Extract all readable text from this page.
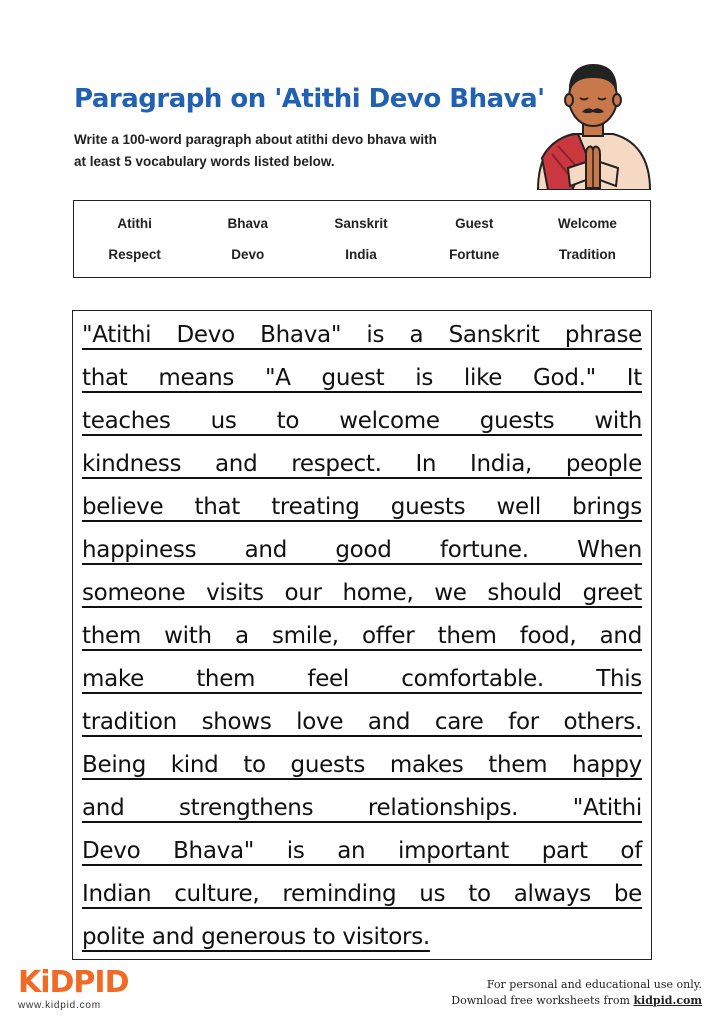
Paragraph on 'Atithi Devo Bhava'
Write a 100-word paragraph about atithi devo bhava with
at least 5 vocabulary words listed below.
Atithi	Bhava	Sanskrit	Guest	Welcome
Respect	Devo	India	Fortune	Tradition
"Atithi Devo Bhava" is a Sanskrit phrase
that means "A guest is like God." It
teaches us to welcome guests with
kindness and respect. In India, people
believe that treating guests well brings
happiness and good fortune. When
someone visits our home, we should greet
them with a smile, offer them food, and
make them feel comfortable. This
tradition shows love and care for others.
Being kind to guests makes them happy
and strengthens relationships. "Atithi
Devo Bhava" is an important part of
Indian culture, reminding us to always be
polite and generous to visitors.
KiDPID
www.kidpid.com
For personal and educational use only.
Download free worksheets from kidpid.com
